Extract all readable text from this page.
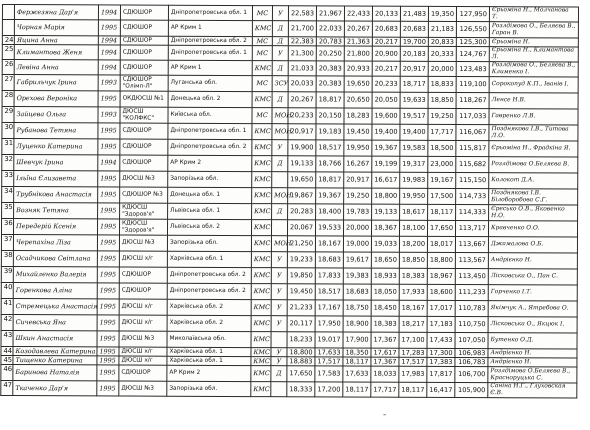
	Фержезяна Дар'я	1994	СДЮШОР	Дніпропетровська обл. 1	МС	У	22,583	21,967	22,433	20,133	21,483	19,350	127,950	Єрьоміна Н., Молчанова Т.
	Чорная Марія	1995	СДЮШОР	АР Крим 1	КМС	Д	21,700	22,033	20,267	20,683	20,683	21,183	126,550	Розлдімова О., Беляєва В., Гаран В.
24	Яцина Анна	1994	СДЮШОР	Дніпропетровська обл. 2	МС	Д	22,383	20,783	21,363	20,217	19,700	20,833	125,300	Єрьоміна Н.
25	Климантова Женя	1994	СДЮШОР	Дніпропетровська обл. 1	МС	У	21,300	20,250	21,800	20,900	20,183	20,333	124,767	Єрьоміна Н., Климантова Л.
26	Левіна Анна	1994	СДЮШОР	АР Крим 1	КМС	Д	21,033	20,383	20,933	20,217	20,917	20,000	123,483	Розлдімова О., Беляєва В., Клименко І.
27	Габрильчук Ірина	1993	СДЮШОР "Олімп-Л"	Луганська обл.	МС	ЗСУ	20,033	20,383	19,650	20,233	18,717	18,833	119,100	Сорокопуд К.П., Іванів І.
28	Орехова Вероніка	1995	ОКДЮСШ №1	Донецька обл. 2	КМС	Д	20,267	18,817	20,650	20,050	19,633	18,850	118,267	Ленсе Н.В.
29	Зайцева Ольга	1993	ДЮСШ "КОЛФКС"	Київська обл.	МС	МОН	20,233	20,150	18,283	19,600	19,517	19,250	117,033	Гавренко Л.В.
30	Рубанова Тетяна	1995	СДЮШОР	Дніпропетровська обл. 1	КМС	МОН	20,917	19,183	19,450	19,400	19,400	17,717	116,067	Позднякова І.В., Титова Л.О.
31	Луценко Катерина	1995	СДЮШОР	Дніпропетровська обл. 2	КМС	У	19,900	18,517	19,950	19,367	19,583	18,500	115,817	Єрьоміна Н., Фрадкіна Я.
32	Шевчук Ірина	1994	СДЮШОР	АР Крим 2	КМС	Д	19,133	18,766	16,267	19,199	19,317	23,000	115,682	Розлдімова О.Беляєва В.
33	Ільїна Єлизавета	1995	ДЮСШ №3	Запорізька обл.	КМС		19,650	18,817	20,917	16,617	19,983	19,167	115,150	Колокот Д.А.
34	Трубнікова Анастасія	1995	СДЮШОР №3	Донецька обл. 1	КМС	МОН	19,867	19,367	19,250	18,800	19,950	17,500	114,733	Позднякова І.В. Білоборобова С.Г.
35	Возняк Тетяна	1995	КДЮСШ "Здоров'я"	Львівська обл. 1	КМС	Д	20,283	18,400	19,783	19,133	18,617	18,117	114,333	Єресько О.В., Яковенко Н.О.
36	Передерій Ксенія	1995	КДЮСШ "Здоров'я"	Львівська обл. 2	КМС		20,067	19,533	20,000	18,367	18,100	17,650	113,717	Кравченко О.О.
37	Черепахіна Ліза	1995	ДЮСШ №3	Запорізька обл.	КМС	МОН	21,250	18,167	19,000	19,033	18,200	18,017	113,667	Джамалова О.Б.
38	Осадчикова Світлана	1995	ДЮСШ х/г	Харківська обл. 1	КМС	У	19,233	18,683	19,617	18,650	18,850	18,800	113,567	Андрієнко Н.
39	Михайленко Валерія	1995	СДЮШОР	Дніпропетровська обл. 2	КМС	У	19,850	17,833	19,383	18,933	18,383	18,967	113,450	Лісковська О., Пан С.
40	Горенкова Аліна	1995	СДЮШОР	Дніпропетровська обл. 2	КМС	У	19,450	18,517	18,683	18,050	17,933	18,600	111,233	Горченко І.Т.
41	Стремецька Анастасія	1995	ДЮСШ х/г	Харківська обл. 2	КМС	У	21,233	17,167	18,750	18,450	18,167	17,017	110,783	Якімчук А., Ятребова О.
42	Сичевська Яна	1995	ДЮСШ х/г	Харківська обл. 2	КМС	У	20,117	17,950	18,900	18,383	18,217	17,183	110,750	Лісковська О., Якцюк І.
43	Шкин Анастасія	1995	ДЮСШ №3	Миколаївська обл.	КМС		18,233	19,017	17,900	17,367	17,100	17,433	107,050	Бутенко О.Д.
44	Козодавлева Катерина	1995	ДЮСШ х/г	Харківська обл. 1	КМС	У	18,800	17,633	18,350	17,617	17,283	17,300	106,983	Андрієнко Н.
45	Тищенко Катерина	1995	ДЮСШ х/г	Харківська обл. 1	КМС	У	18,883	17,517	18,117	17,367	17,517	17,383	106,783	Андрієнко Н.
46	Баринова Наталія	1995	СДЮШОР	АР Крим 2	КМС	Д	17,650	17,583	17,633	18,033	17,983	17,817	106,700	Розлдімова О.Беляєва В., Красноруцька С.
47	Ткаченко Дар'я	1995	ДЮСШ №3	Запорізька обл.	КМС		18,333	17,200	18,117	17,717	18,117	16,417	105,900	Саніна Н.Г., Глуховская Є.В.
-
